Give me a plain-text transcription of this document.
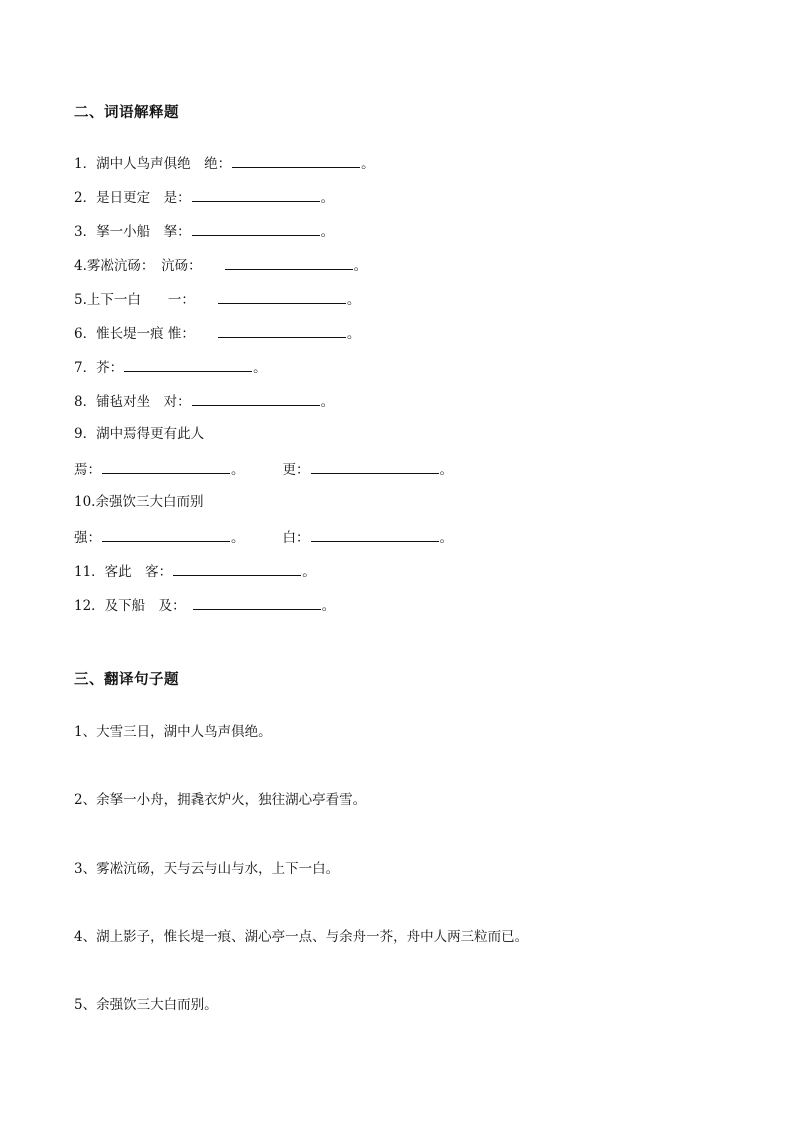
二、词语解释题
1．湖中人鸟声俱绝　绝：	。
2．是日更定　是：	。
3．拏一小船　拏：	。
4.雾凇沆砀：　沆砀：	。
5.上下一白　　一：	。
6．惟长堤一痕 惟：	。
7．芥：	。
8．铺毡对坐　对：	。
9．湖中焉得更有此人
焉：	。	更：	。
10.余强饮三大白而别
强：	。	白：	。
11．客此　客：	。
12．及下船　及：	。
三、翻译句子题
1、大雪三日，湖中人鸟声俱绝。
2、余拏一小舟，拥毳衣炉火，独往湖心亭看雪。
3、雾凇沆砀，天与云与山与水，上下一白。
4、湖上影子，惟长堤一痕、湖心亭一点、与余舟一芥，舟中人两三粒而已。
5、余强饮三大白而别。
